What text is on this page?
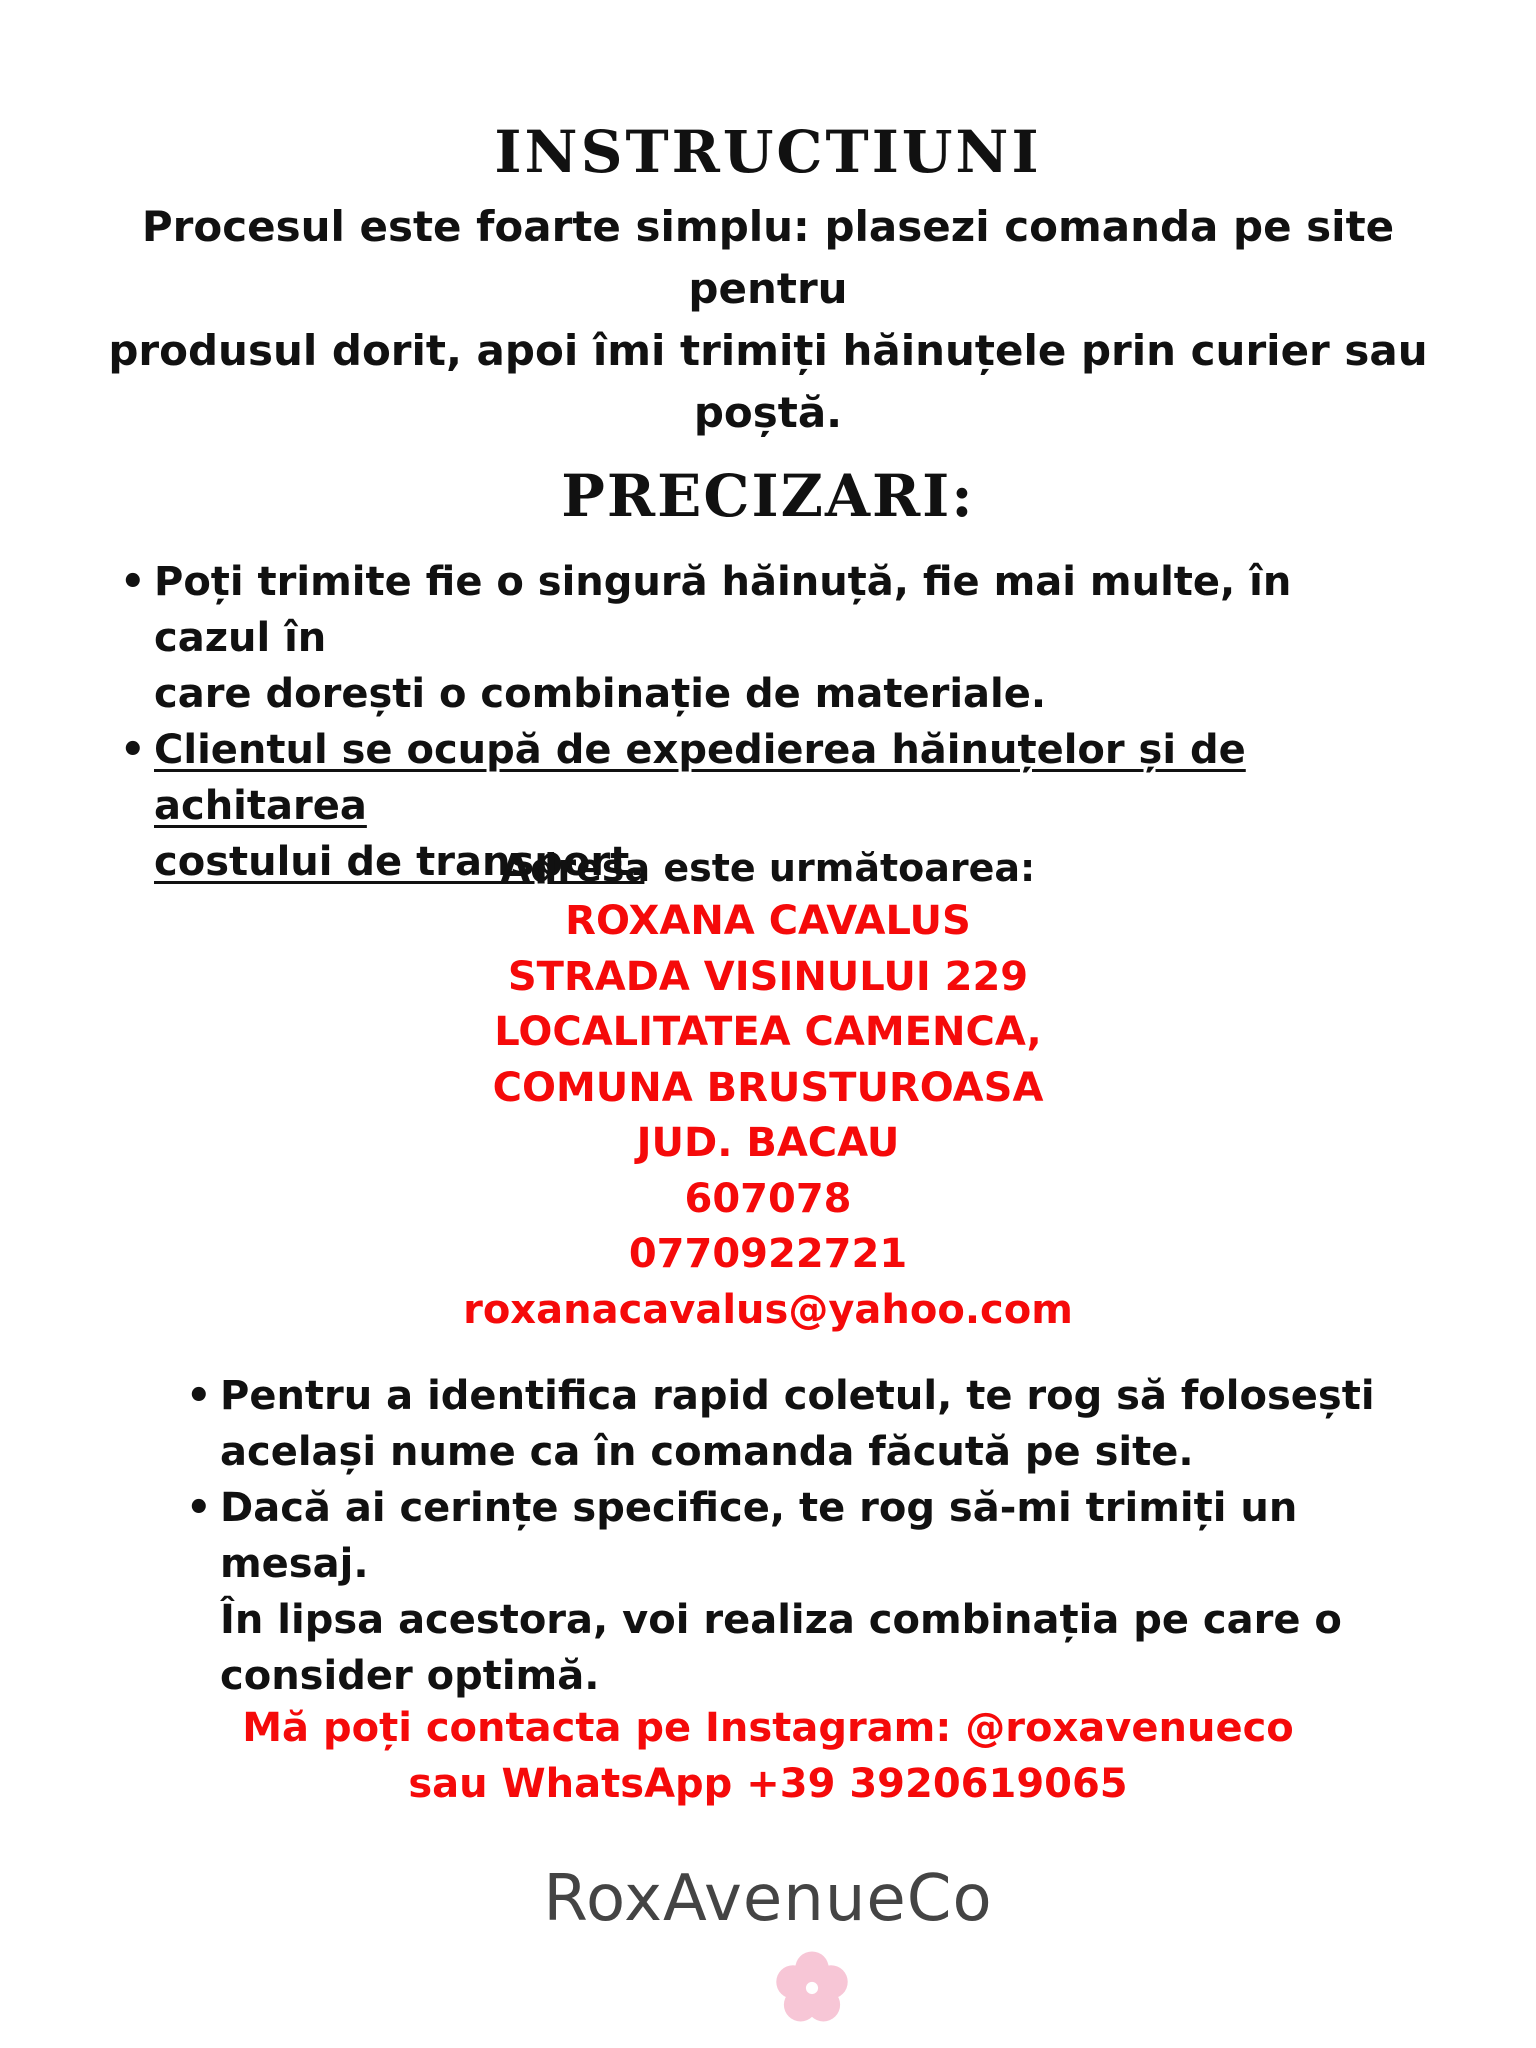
INSTRUCTIUNI

Procesul este foarte simplu: plasezi comanda pe site pentru
produsul dorit, apoi îmi trimiți hăinuțele prin curier sau
poștă.

PRECIZARI:
• Poți trimite fie o singură hăinuță, fie mai multe, în cazul în
care dorești o combinație de materiale.
• Clientul se ocupă de expedierea hăinuțelor și de achitarea
costului de transport.
Adresa este următoarea:
ROXANA CAVALUS
STRADA VISINULUI 229
LOCALITATEA CAMENCA,
COMUNA BRUSTUROASA
JUD. BACAU
607078
0770922721
roxanacavalus@yahoo.com
• Pentru a identifica rapid coletul, te rog să folosești
același nume ca în comanda făcută pe site.
• Dacă ai cerințe specifice, te rog să-mi trimiți un mesaj.
În lipsa acestora, voi realiza combinația pe care o
consider optimă.
Mă poți contacta pe Instagram: @roxavenueco
sau WhatsApp +39 3920619065
RoxAvenueCo
